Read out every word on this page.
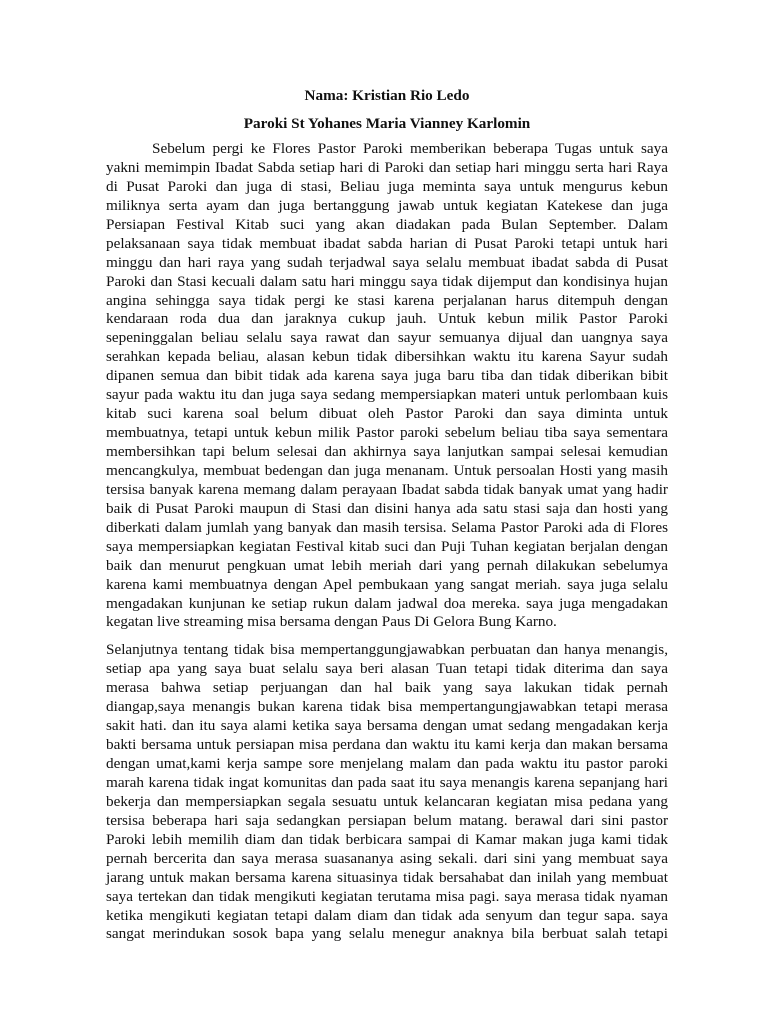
Nama: Kristian Rio Ledo
Paroki St Yohanes Maria Vianney Karlomin
Sebelum pergi ke Flores Pastor Paroki memberikan beberapa Tugas untuk saya
yakni memimpin Ibadat Sabda setiap hari di Paroki dan setiap hari minggu serta hari Raya
di Pusat Paroki dan juga di stasi, Beliau juga meminta saya untuk mengurus kebun
miliknya serta ayam dan juga bertanggung jawab untuk kegiatan Katekese dan juga
Persiapan Festival Kitab suci yang akan diadakan pada Bulan September. Dalam
pelaksanaan saya tidak membuat ibadat sabda harian di Pusat Paroki tetapi untuk hari
minggu dan hari raya yang sudah terjadwal saya selalu membuat ibadat sabda di Pusat
Paroki dan Stasi kecuali dalam satu hari minggu saya tidak dijemput dan kondisinya hujan
angina sehingga saya tidak pergi ke stasi karena perjalanan harus ditempuh dengan
kendaraan roda dua dan jaraknya cukup jauh. Untuk kebun milik Pastor Paroki
sepeninggalan beliau selalu saya rawat dan sayur semuanya dijual dan uangnya saya
serahkan kepada beliau, alasan kebun tidak dibersihkan waktu itu karena Sayur sudah
dipanen semua dan bibit tidak ada karena saya juga baru tiba dan tidak diberikan bibit
sayur pada waktu itu dan juga saya sedang mempersiapkan materi untuk perlombaan kuis
kitab suci karena soal belum dibuat oleh Pastor Paroki dan saya diminta untuk
membuatnya, tetapi untuk kebun milik Pastor paroki sebelum beliau tiba saya sementara
membersihkan tapi belum selesai dan akhirnya saya lanjutkan sampai selesai kemudian
mencangkulya, membuat bedengan dan juga menanam. Untuk persoalan Hosti yang masih
tersisa banyak karena memang dalam perayaan Ibadat sabda tidak banyak umat yang hadir
baik di Pusat Paroki maupun di Stasi dan disini hanya ada satu stasi saja dan hosti yang
diberkati dalam jumlah yang banyak dan masih tersisa. Selama Pastor Paroki ada di Flores
saya mempersiapkan kegiatan Festival kitab suci dan Puji Tuhan kegiatan berjalan dengan
baik dan menurut pengkuan umat lebih meriah dari yang pernah dilakukan sebelumya
karena kami membuatnya dengan Apel pembukaan yang sangat meriah. saya juga selalu
mengadakan kunjunan ke setiap rukun dalam jadwal doa mereka. saya juga mengadakan
kegatan live streaming misa bersama dengan Paus Di Gelora Bung Karno.
Selanjutnya tentang tidak bisa mempertanggungjawabkan perbuatan dan hanya menangis,
setiap apa yang saya buat selalu saya beri alasan Tuan tetapi tidak diterima dan saya
merasa bahwa setiap perjuangan dan hal baik yang saya lakukan tidak pernah
diangap,saya menangis bukan karena tidak bisa mempertangungjawabkan tetapi merasa
sakit hati. dan itu saya alami ketika saya bersama dengan umat sedang mengadakan kerja
bakti bersama untuk persiapan misa perdana dan waktu itu kami kerja dan makan bersama
dengan umat,kami kerja sampe sore menjelang malam dan pada waktu itu pastor paroki
marah karena tidak ingat komunitas dan pada saat itu saya menangis karena sepanjang hari
bekerja dan mempersiapkan segala sesuatu untuk kelancaran kegiatan misa pedana yang
tersisa beberapa hari saja sedangkan persiapan belum matang. berawal dari sini pastor
Paroki lebih memilih diam dan tidak berbicara sampai di Kamar makan juga kami tidak
pernah bercerita dan saya merasa suasananya asing sekali. dari sini yang membuat saya
jarang untuk makan bersama karena situasinya tidak bersahabat dan inilah yang membuat
saya tertekan dan tidak mengikuti kegiatan terutama misa pagi. saya merasa tidak nyaman
ketika mengikuti kegiatan tetapi dalam diam dan tidak ada senyum dan tegur sapa. saya
sangat merindukan sosok bapa yang selalu menegur anaknya bila berbuat salah tetapi
